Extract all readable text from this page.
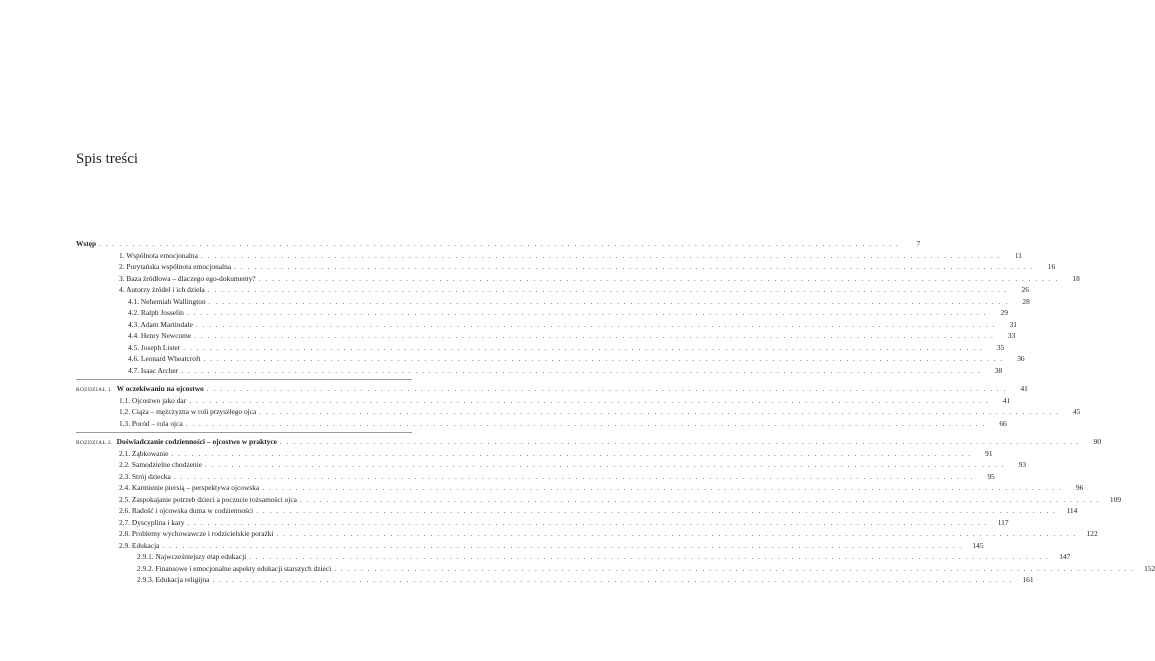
Spis treści
Wstęp . . . . . . . . . . . . . . . . . . . . . . . . . . . . . . . . . . . . . . . . . . . . . . . . . . . . . . . . . . . . . . . . . . . . . . . . . . . . . . . . . . . . . . . . . . . . . . . . . . . . . . . . . . . . . . . . . . . . . . . .	7
1. Wspólnota emocjonalna . . . . . . . . . . . . . . . . . . . . . . . . . . . . . . . . . . . . . . . . . . . . . . . . . . . . . . . . . . . . . . . . . . . . . . . . . . . . . . . . . . . . . . . . . . . . . . . . . . . . . . . . . . . . . . . . . . . . . . . .	11
2. Purytańska wspólnota emocjonalna . . . . . . . . . . . . . . . . . . . . . . . . . . . . . . . . . . . . . . . . . . . . . . . . . . . . . . . . . . . . . . . . . . . . . . . . . . . . . . . . . . . . . . . . . . . . . . . . . . . . . . . . . . . . . . . . . . . . . . . .	16
3. Baza źródłowa – dlaczego ego-dokumenty? . . . . . . . . . . . . . . . . . . . . . . . . . . . . . . . . . . . . . . . . . . . . . . . . . . . . . . . . . . . . . . . . . . . . . . . . . . . . . . . . . . . . . . . . . . . . . . . . . . . . . . . . . . . . . . . . . . . . . . . .	18
4. Autorzy źródeł i ich dzieła . . . . . . . . . . . . . . . . . . . . . . . . . . . . . . . . . . . . . . . . . . . . . . . . . . . . . . . . . . . . . . . . . . . . . . . . . . . . . . . . . . . . . . . . . . . . . . . . . . . . . . . . . . . . . . . . . . . . . . . .	26
4.1. Nehemiah Wallington . . . . . . . . . . . . . . . . . . . . . . . . . . . . . . . . . . . . . . . . . . . . . . . . . . . . . . . . . . . . . . . . . . . . . . . . . . . . . . . . . . . . . . . . . . . . . . . . . . . . . . . . . . . . . . . . . . . . . . . .	28
4.2. Ralph Josselin . . . . . . . . . . . . . . . . . . . . . . . . . . . . . . . . . . . . . . . . . . . . . . . . . . . . . . . . . . . . . . . . . . . . . . . . . . . . . . . . . . . . . . . . . . . . . . . . . . . . . . . . . . . . . . . . . . . . . . . .	29
4.3. Adam Martindale . . . . . . . . . . . . . . . . . . . . . . . . . . . . . . . . . . . . . . . . . . . . . . . . . . . . . . . . . . . . . . . . . . . . . . . . . . . . . . . . . . . . . . . . . . . . . . . . . . . . . . . . . . . . . . . . . . . . . . . .	31
4.4. Henry Newcome . . . . . . . . . . . . . . . . . . . . . . . . . . . . . . . . . . . . . . . . . . . . . . . . . . . . . . . . . . . . . . . . . . . . . . . . . . . . . . . . . . . . . . . . . . . . . . . . . . . . . . . . . . . . . . . . . . . . . . . .	33
4.5. Joseph Lister . . . . . . . . . . . . . . . . . . . . . . . . . . . . . . . . . . . . . . . . . . . . . . . . . . . . . . . . . . . . . . . . . . . . . . . . . . . . . . . . . . . . . . . . . . . . . . . . . . . . . . . . . . . . . . . . . . . . . . . .	35
4.6. Leonard Wheatcroft . . . . . . . . . . . . . . . . . . . . . . . . . . . . . . . . . . . . . . . . . . . . . . . . . . . . . . . . . . . . . . . . . . . . . . . . . . . . . . . . . . . . . . . . . . . . . . . . . . . . . . . . . . . . . . . . . . . . . . . .	36
4.7. Isaac Archer . . . . . . . . . . . . . . . . . . . . . . . . . . . . . . . . . . . . . . . . . . . . . . . . . . . . . . . . . . . . . . . . . . . . . . . . . . . . . . . . . . . . . . . . . . . . . . . . . . . . . . . . . . . . . . . . . . . . . . . .	38
ROZDZIAŁ 1. W oczekiwaniu na ojcostwo . . . . . . . . . . . . . . . . . . . . . . . . . . . . . . . . . . . . . . . . . . . . . . . . . . . . . . . . . . . . . . . . . . . . . . . . . . . . . . . . . . . . . . . . . . . . . . . . . . . . . . . . . . . . . . . . . . . . . . . .	41
1.1. Ojcostwo jako dar . . . . . . . . . . . . . . . . . . . . . . . . . . . . . . . . . . . . . . . . . . . . . . . . . . . . . . . . . . . . . . . . . . . . . . . . . . . . . . . . . . . . . . . . . . . . . . . . . . . . . . . . . . . . . . . . . . . . . . . .	41
1.2. Ciąża – mężczyzna w roli przyszłego ojca . . . . . . . . . . . . . . . . . . . . . . . . . . . . . . . . . . . . . . . . . . . . . . . . . . . . . . . . . . . . . . . . . . . . . . . . . . . . . . . . . . . . . . . . . . . . . . . . . . . . . . . . . . . . . . . . . . . . . . . .	45
1.3. Poród – rola ojca . . . . . . . . . . . . . . . . . . . . . . . . . . . . . . . . . . . . . . . . . . . . . . . . . . . . . . . . . . . . . . . . . . . . . . . . . . . . . . . . . . . . . . . . . . . . . . . . . . . . . . . . . . . . . . . . . . . . . . . .	66
ROZDZIAŁ 2. Doświadczanie codzienności – ojcostwo w praktyce . . . . . . . . . . . . . . . . . . . . . . . . . . . . . . . . . . . . . . . . . . . . . . . . . . . . . . . . . . . . . . . . . . . . . . . . . . . . . . . . . . . . . . . . . . . . . . . . . . . . . . . . . . . . . . . . . . . . . . . .	90
2.1. Ząbkowanie . . . . . . . . . . . . . . . . . . . . . . . . . . . . . . . . . . . . . . . . . . . . . . . . . . . . . . . . . . . . . . . . . . . . . . . . . . . . . . . . . . . . . . . . . . . . . . . . . . . . . . . . . . . . . . . . . . . . . . . .	91
2.2. Samodzielne chodzenie . . . . . . . . . . . . . . . . . . . . . . . . . . . . . . . . . . . . . . . . . . . . . . . . . . . . . . . . . . . . . . . . . . . . . . . . . . . . . . . . . . . . . . . . . . . . . . . . . . . . . . . . . . . . . . . . . . . . . . . .	93
2.3. Strój dziecka . . . . . . . . . . . . . . . . . . . . . . . . . . . . . . . . . . . . . . . . . . . . . . . . . . . . . . . . . . . . . . . . . . . . . . . . . . . . . . . . . . . . . . . . . . . . . . . . . . . . . . . . . . . . . . . . . . . . . . . .	95
2.4. Karmienie piersią – perspektywa ojcowska . . . . . . . . . . . . . . . . . . . . . . . . . . . . . . . . . . . . . . . . . . . . . . . . . . . . . . . . . . . . . . . . . . . . . . . . . . . . . . . . . . . . . . . . . . . . . . . . . . . . . . . . . . . . . . . . . . . . . . . .	96
2.5. Zaspokajanie potrzeb dzieci a poczucie tożsamości ojca . . . . . . . . . . . . . . . . . . . . . . . . . . . . . . . . . . . . . . . . . . . . . . . . . . . . . . . . . . . . . . . . . . . . . . . . . . . . . . . . . . . . . . . . . . . . . . . . . . . . . . . . . . . . . . . . . . . . . . . .	109
2.6. Radość i ojcowska duma w codzienności . . . . . . . . . . . . . . . . . . . . . . . . . . . . . . . . . . . . . . . . . . . . . . . . . . . . . . . . . . . . . . . . . . . . . . . . . . . . . . . . . . . . . . . . . . . . . . . . . . . . . . . . . . . . . . . . . . . . . . . .	114
2.7. Dyscyplina i kary . . . . . . . . . . . . . . . . . . . . . . . . . . . . . . . . . . . . . . . . . . . . . . . . . . . . . . . . . . . . . . . . . . . . . . . . . . . . . . . . . . . . . . . . . . . . . . . . . . . . . . . . . . . . . . . . . . . . . . . .	117
2.8. Problemy wychowawcze i rodzicielskie porażki . . . . . . . . . . . . . . . . . . . . . . . . . . . . . . . . . . . . . . . . . . . . . . . . . . . . . . . . . . . . . . . . . . . . . . . . . . . . . . . . . . . . . . . . . . . . . . . . . . . . . . . . . . . . . . . . . . . . . . . .	122
2.9. Edukacja . . . . . . . . . . . . . . . . . . . . . . . . . . . . . . . . . . . . . . . . . . . . . . . . . . . . . . . . . . . . . . . . . . . . . . . . . . . . . . . . . . . . . . . . . . . . . . . . . . . . . . . . . . . . . . . . . . . . . . . .	145
2.9.1. Najwcześniejszy etap edukacji . . . . . . . . . . . . . . . . . . . . . . . . . . . . . . . . . . . . . . . . . . . . . . . . . . . . . . . . . . . . . . . . . . . . . . . . . . . . . . . . . . . . . . . . . . . . . . . . . . . . . . . . . . . . . . . . . . . . . . . .	147
2.9.2. Finansowe i emocjonalne aspekty edukacji starszych dzieci . . . . . . . . . . . . . . . . . . . . . . . . . . . . . . . . . . . . . . . . . . . . . . . . . . . . . . . . . . . . . . . . . . . . . . . . . . . . . . . . . . . . . . . . . . . . . . . . . . . . . . . . . . . . . . . . . . . . . . . .	152
2.9.3. Edukacja religijna . . . . . . . . . . . . . . . . . . . . . . . . . . . . . . . . . . . . . . . . . . . . . . . . . . . . . . . . . . . . . . . . . . . . . . . . . . . . . . . . . . . . . . . . . . . . . . . . . . . . . . . . . . . . . . . . . . . . . . . .	161
